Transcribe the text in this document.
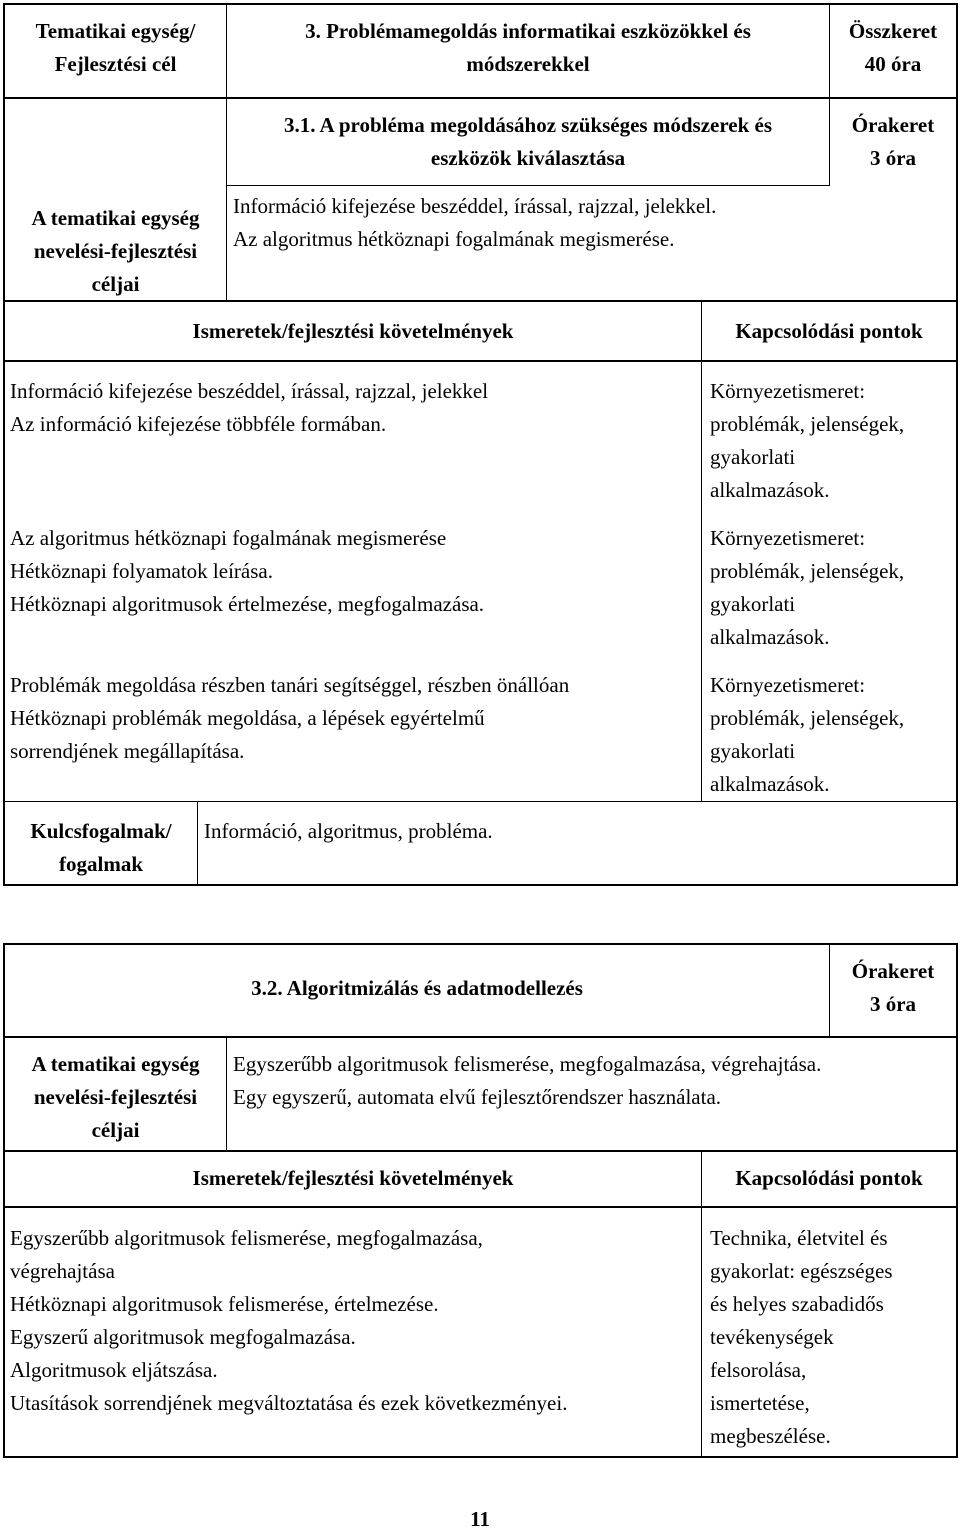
Tematikai egység/
Fejlesztési cél
3. Problémamegoldás informatikai eszközökkel és
módszerekkel
Összkeret
40 óra
3.1. A probléma megoldásához szükséges módszerek és
eszközök kiválasztása
Órakeret
3 óra
A tematikai egység
nevelési-fejlesztési
céljai
Információ kifejezése beszéddel, írással, rajzzal, jelekkel.
Az algoritmus hétköznapi fogalmának megismerése.
Ismeretek/fejlesztési követelmények	Kapcsolódási pontok
Információ kifejezése beszéddel, írással, rajzzal, jelekkel
Az információ kifejezése többféle formában.
Környezetismeret:
problémák, jelenségek,
gyakorlati
alkalmazások.
Az algoritmus hétköznapi fogalmának megismerése
Hétköznapi folyamatok leírása.
Hétköznapi algoritmusok értelmezése, megfogalmazása.
Környezetismeret:
problémák, jelenségek,
gyakorlati
alkalmazások.
Problémák megoldása részben tanári segítséggel, részben önállóan
Hétköznapi problémák megoldása, a lépések egyértelmű
sorrendjének megállapítása.
Környezetismeret:
problémák, jelenségek,
gyakorlati
alkalmazások.
Kulcsfogalmak/
fogalmak
Információ, algoritmus, probléma.
3.2. Algoritmizálás és adatmodellezés
Órakeret
3 óra
A tematikai egység
nevelési-fejlesztési
céljai
Egyszerűbb algoritmusok felismerése, megfogalmazása, végrehajtása.
Egy egyszerű, automata elvű fejlesztőrendszer használata.
Ismeretek/fejlesztési követelmények	Kapcsolódási pontok
Egyszerűbb algoritmusok felismerése, megfogalmazása,
végrehajtása
Hétköznapi algoritmusok felismerése, értelmezése.
Egyszerű algoritmusok megfogalmazása.
Algoritmusok eljátszása.
Utasítások sorrendjének megváltoztatása és ezek következményei.
Technika, életvitel és
gyakorlat: egészséges
és helyes szabadidős
tevékenységek
felsorolása,
ismertetése,
megbeszélése.
11
